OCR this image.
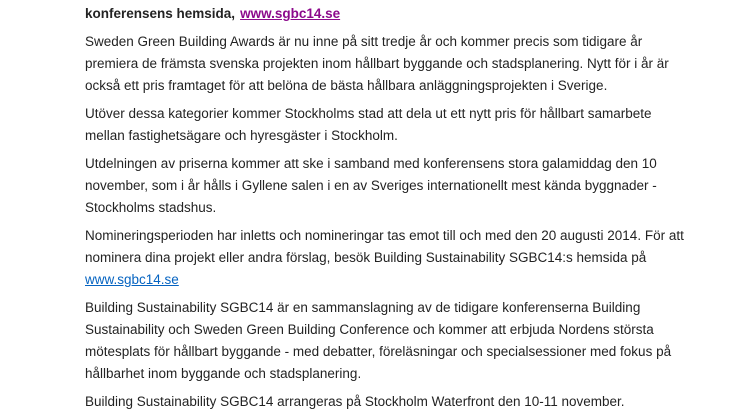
konferensens hemsida, www.sgbc14.se

Sweden Green Building Awards är nu inne på sitt tredje år och kommer precis som tidigare år
premiera de främsta svenska projekten inom hållbart byggande och stadsplanering. Nytt för i år är
också ett pris framtaget för att belöna de bästa hållbara anläggningsprojekten i Sverige.

Utöver dessa kategorier kommer Stockholms stad att dela ut ett nytt pris för hållbart samarbete
mellan fastighetsägare och hyresgäster i Stockholm.

Utdelningen av priserna kommer att ske i samband med konferensens stora galamiddag den 10
november, som i år hålls i Gyllene salen i en av Sveriges internationellt mest kända byggnader -
Stockholms stadshus.

Nomineringsperioden har inletts och nomineringar tas emot till och med den 20 augusti 2014. För att
nominera dina projekt eller andra förslag, besök Building Sustainability SGBC14:s hemsida på
www.sgbc14.se

Building Sustainability SGBC14 är en sammanslagning av de tidigare konferenserna Building
Sustainability och Sweden Green Building Conference och kommer att erbjuda Nordens största
mötesplats för hållbart byggande - med debatter, föreläsningar och specialsessioner med fokus på
hållbarhet inom byggande och stadsplanering.

Building Sustainability SGBC14 arrangeras på Stockholm Waterfront den 10-11 november.
